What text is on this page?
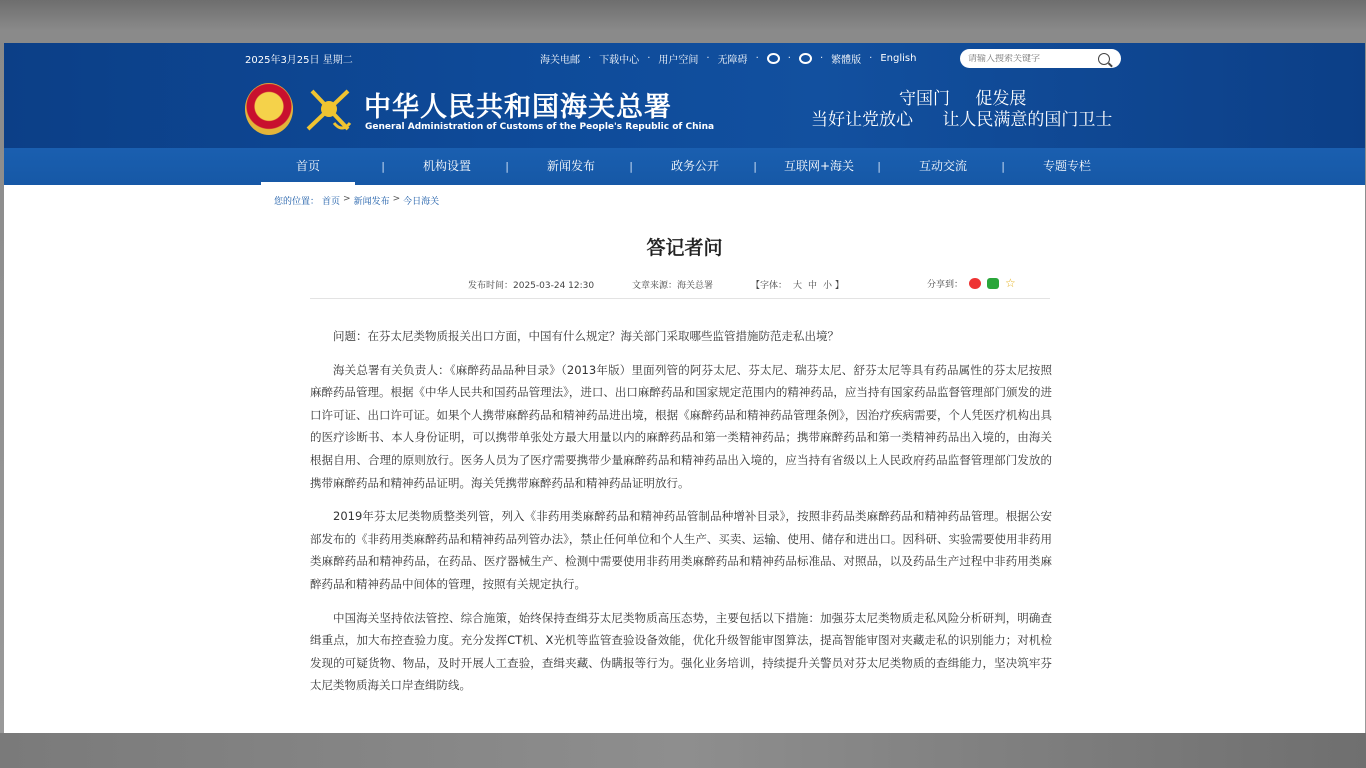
2025年3月25日 星期二	海关电邮 · 下载中心 · 用户空间 · 无障碍 ·	·	· 繁體版 · English
请输入搜索关键字
中华人民共和国海关总署
General Administration of Customs of the People's Republic of China
守国门 促发展
当好让党放心 让人民满意的国门卫士
首页 |	机构设置 |	新闻发布 |	政务公开 |	互联网+海关 |	互动交流 |	专题专栏
您的位置： 首页 > 新闻发布 > 今日海关
答记者问
发布时间：2025-03-24 12:30	文章来源：海关总署	【字体： 大 中 小 】	分享到：	☆

问题：在芬太尼类物质报关出口方面，中国有什么规定？海关部门采取哪些监管措施防范走私出境？

海关总署有关负责人：《麻醉药品品种目录》（2013年版）里面列管的阿芬太尼、芬太尼、瑞芬太尼、舒芬太尼等具有药品属性的芬太尼按照麻醉药品管理。根据《中华人民共和国药品管理法》，进口、出口麻醉药品和国家规定范围内的精神药品，应当持有国家药品监督管理部门颁发的进口许可证、出口许可证。如果个人携带麻醉药品和精神药品进出境，根据《麻醉药品和精神药品管理条例》，因治疗疾病需要，个人凭医疗机构出具的医疗诊断书、本人身份证明，可以携带单张处方最大用量以内的麻醉药品和第一类精神药品；携带麻醉药品和第一类精神药品出入境的，由海关根据自用、合理的原则放行。医务人员为了医疗需要携带少量麻醉药品和精神药品出入境的，应当持有省级以上人民政府药品监督管理部门发放的携带麻醉药品和精神药品证明。海关凭携带麻醉药品和精神药品证明放行。

2019年芬太尼类物质整类列管，列入《非药用类麻醉药品和精神药品管制品种增补目录》，按照非药品类麻醉药品和精神药品管理。根据公安部发布的《非药用类麻醉药品和精神药品列管办法》，禁止任何单位和个人生产、买卖、运输、使用、储存和进出口。因科研、实验需要使用非药用类麻醉药品和精神药品，在药品、医疗器械生产、检测中需要使用非药用类麻醉药品和精神药品标准品、对照品，以及药品生产过程中非药用类麻醉药品和精神药品中间体的管理，按照有关规定执行。

中国海关坚持依法管控、综合施策，始终保持查缉芬太尼类物质高压态势，主要包括以下措施：加强芬太尼类物质走私风险分析研判，明确查缉重点，加大布控查验力度。充分发挥CT机、X光机等监管查验设备效能，优化升级智能审图算法，提高智能审图对夹藏走私的识别能力；对机检发现的可疑货物、物品，及时开展人工查验，查缉夹藏、伪瞒报等行为。强化业务培训，持续提升关警员对芬太尼类物质的查缉能力，坚决筑牢芬太尼类物质海关口岸查缉防线。
